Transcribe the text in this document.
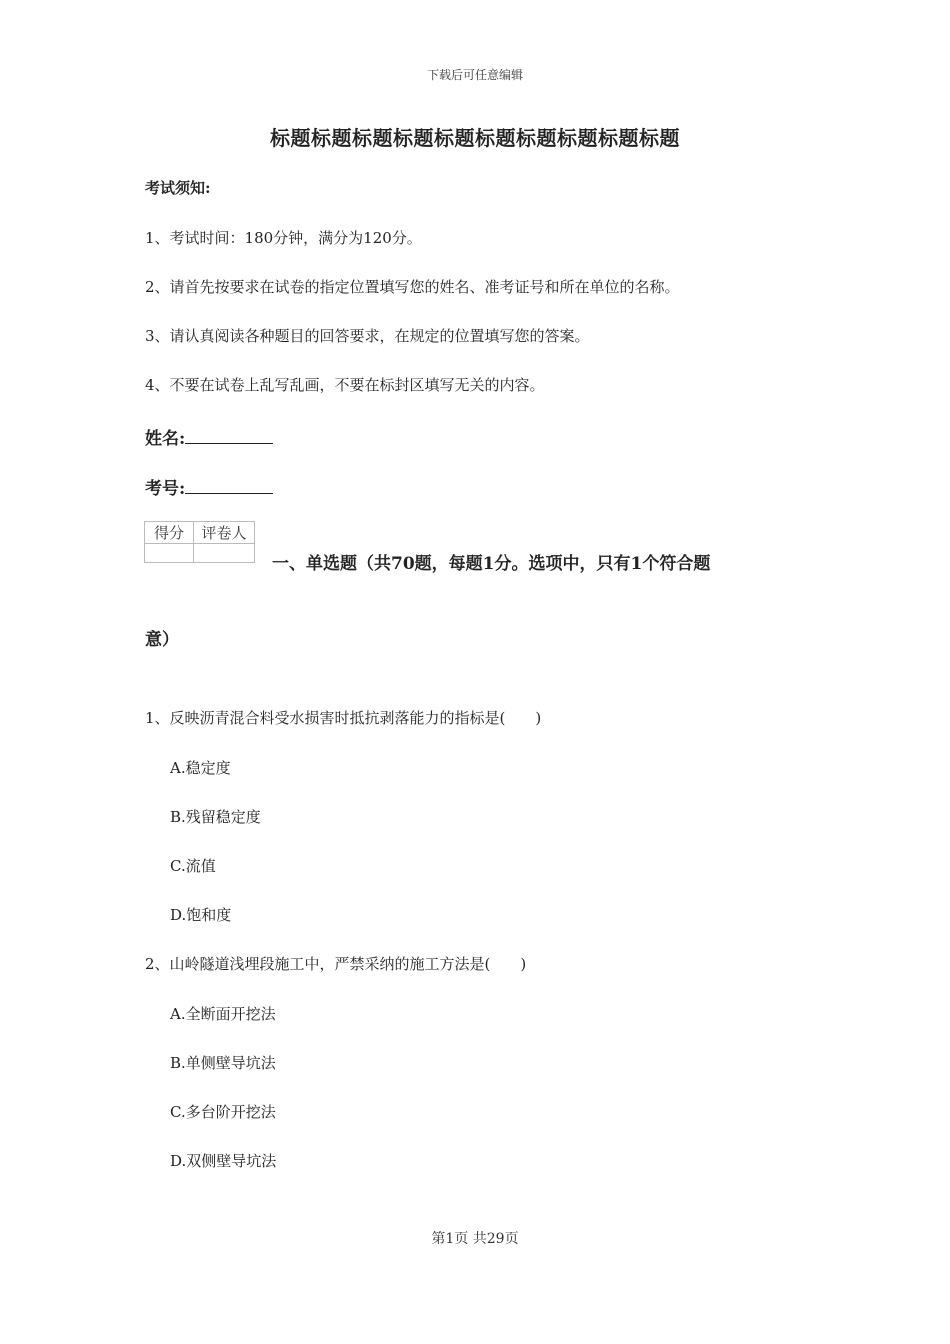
下载后可任意编辑
标题标题标题标题标题标题标题标题标题标题
考试须知:
1、考试时间：180分钟，满分为120分。
2、请首先按要求在试卷的指定位置填写您的姓名、准考证号和所在单位的名称。
3、请认真阅读各种题目的回答要求，在规定的位置填写您的答案。
4、不要在试卷上乱写乱画，不要在标封区填写无关的内容。
姓名:
考号:
得分	评卷人

一、单选题（共70题，每题1分。选项中，只有1个符合题
意）
1、反映沥青混合料受水损害时抵抗剥落能力的指标是(　　)
A.稳定度
B.残留稳定度
C.流值
D.饱和度
2、山岭隧道浅埋段施工中，严禁采纳的施工方法是(　　)
A.全断面开挖法
B.单侧壁导坑法
C.多台阶开挖法
D.双侧壁导坑法
第1页 共29页
